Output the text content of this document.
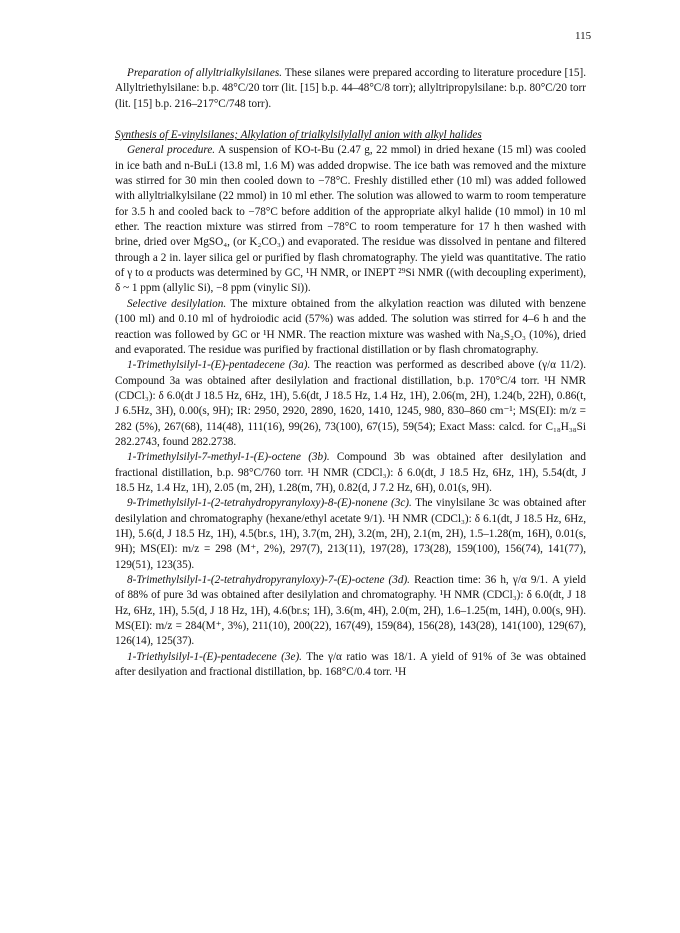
115

Preparation of allyltrialkylsilanes. These silanes were prepared according to literature procedure [15]. Allyltriethylsilane: b.p. 48°C/20 torr (lit. [15] b.p. 44–48°C/8 torr); allyltripropylsilane: b.p. 80°C/20 torr (lit. [15] b.p. 216–217°C/748 torr).

Synthesis of E-vinylsilanes; Alkylation of trialkylsilylallyl anion with alkyl halides

General procedure. A suspension of KO-t-Bu (2.47 g, 22 mmol) in dried hexane (15 ml) was cooled in ice bath and n-BuLi (13.8 ml, 1.6 M) was added dropwise. The ice bath was removed and the mixture was stirred for 30 min then cooled down to −78°C. Freshly distilled ether (10 ml) was added followed with allyltrialkylsilane (22 mmol) in 10 ml ether. The solution was allowed to warm to room temperature for 3.5 h and cooled back to −78°C before addition of the appropriate alkyl halide (10 mmol) in 10 ml ether. The reaction mixture was stirred from −78°C to room temperature for 17 h then washed with brine, dried over MgSO₄, (or K₂CO₃) and evaporated. The residue was dissolved in pentane and filtered through a 2 in. layer silica gel or purified by flash chromatography. The yield was quantitative. The ratio of γ to α products was determined by GC, ¹H NMR, or INEPT ²⁹Si NMR ((with decoupling experiment), δ ~ 1 ppm (allylic Si), −8 ppm (vinylic Si)).

Selective desilylation. The mixture obtained from the alkylation reaction was diluted with benzene (100 ml) and 0.10 ml of hydroiodic acid (57%) was added. The solution was stirred for 4–6 h and the reaction was followed by GC or ¹H NMR. The reaction mixture was washed with Na₂S₂O₃ (10%), dried and evaporated. The residue was purified by fractional distillation or by flash chromatography.

1-Trimethylsilyl-1-(E)-pentadecene (3a). The reaction was performed as described above (γ/α 11/2). Compound 3a was obtained after desilylation and fractional distillation, b.p. 170°C/4 torr. ¹H NMR (CDCl₃): δ 6.0(dt J 18.5 Hz, 6Hz, 1H), 5.6(dt, J 18.5 Hz, 1.4 Hz, 1H), 2.06(m, 2H), 1.24(b, 22H), 0.86(t, J 6.5Hz, 3H), 0.00(s, 9H); IR: 2950, 2920, 2890, 1620, 1410, 1245, 980, 830–860 cm⁻¹; MS(EI): m/z = 282 (5%), 267(68), 114(48), 111(16), 99(26), 73(100), 67(15), 59(54); Exact Mass: calcd. for C₁₈H₃₈Si 282.2743, found 282.2738.

1-Trimethylsilyl-7-methyl-1-(E)-octene (3b). Compound 3b was obtained after desilylation and fractional distillation, b.p. 98°C/760 torr. ¹H NMR (CDCl₃): δ 6.0(dt, J 18.5 Hz, 6Hz, 1H), 5.54(dt, J 18.5 Hz, 1.4 Hz, 1H), 2.05 (m, 2H), 1.28(m, 7H), 0.82(d, J 7.2 Hz, 6H), 0.01(s, 9H).

9-Trimethylsilyl-1-(2-tetrahydropyranyloxy)-8-(E)-nonene (3c). The vinylsilane 3c was obtained after desilylation and chromatography (hexane/ethyl acetate 9/1). ¹H NMR (CDCl₃): δ 6.1(dt, J 18.5 Hz, 6Hz, 1H), 5.6(d, J 18.5 Hz, 1H), 4.5(br.s, 1H), 3.7(m, 2H), 3.2(m, 2H), 2.1(m, 2H), 1.5–1.28(m, 16H), 0.01(s, 9H); MS(EI): m/z = 298 (M⁺, 2%), 297(7), 213(11), 197(28), 173(28), 159(100), 156(74), 141(77), 129(51), 123(35).

8-Trimethylsilyl-1-(2-tetrahydropyranyloxy)-7-(E)-octene (3d). Reaction time: 36 h, γ/α 9/1. A yield of 88% of pure 3d was obtained after desilylation and chromatography. ¹H NMR (CDCl₃): δ 6.0(dt, J 18 Hz, 6Hz, 1H), 5.5(d, J 18 Hz, 1H), 4.6(br.s; 1H), 3.6(m, 4H), 2.0(m, 2H), 1.6–1.25(m, 14H), 0.00(s, 9H). MS(EI): m/z = 284(M⁺, 3%), 211(10), 200(22), 167(49), 159(84), 156(28), 143(28), 141(100), 129(67), 126(14), 125(37).

1-Triethylsilyl-1-(E)-pentadecene (3e). The γ/α ratio was 18/1. A yield of 91% of 3e was obtained after desilyation and fractional distillation, bp. 168°C/0.4 torr. ¹H
